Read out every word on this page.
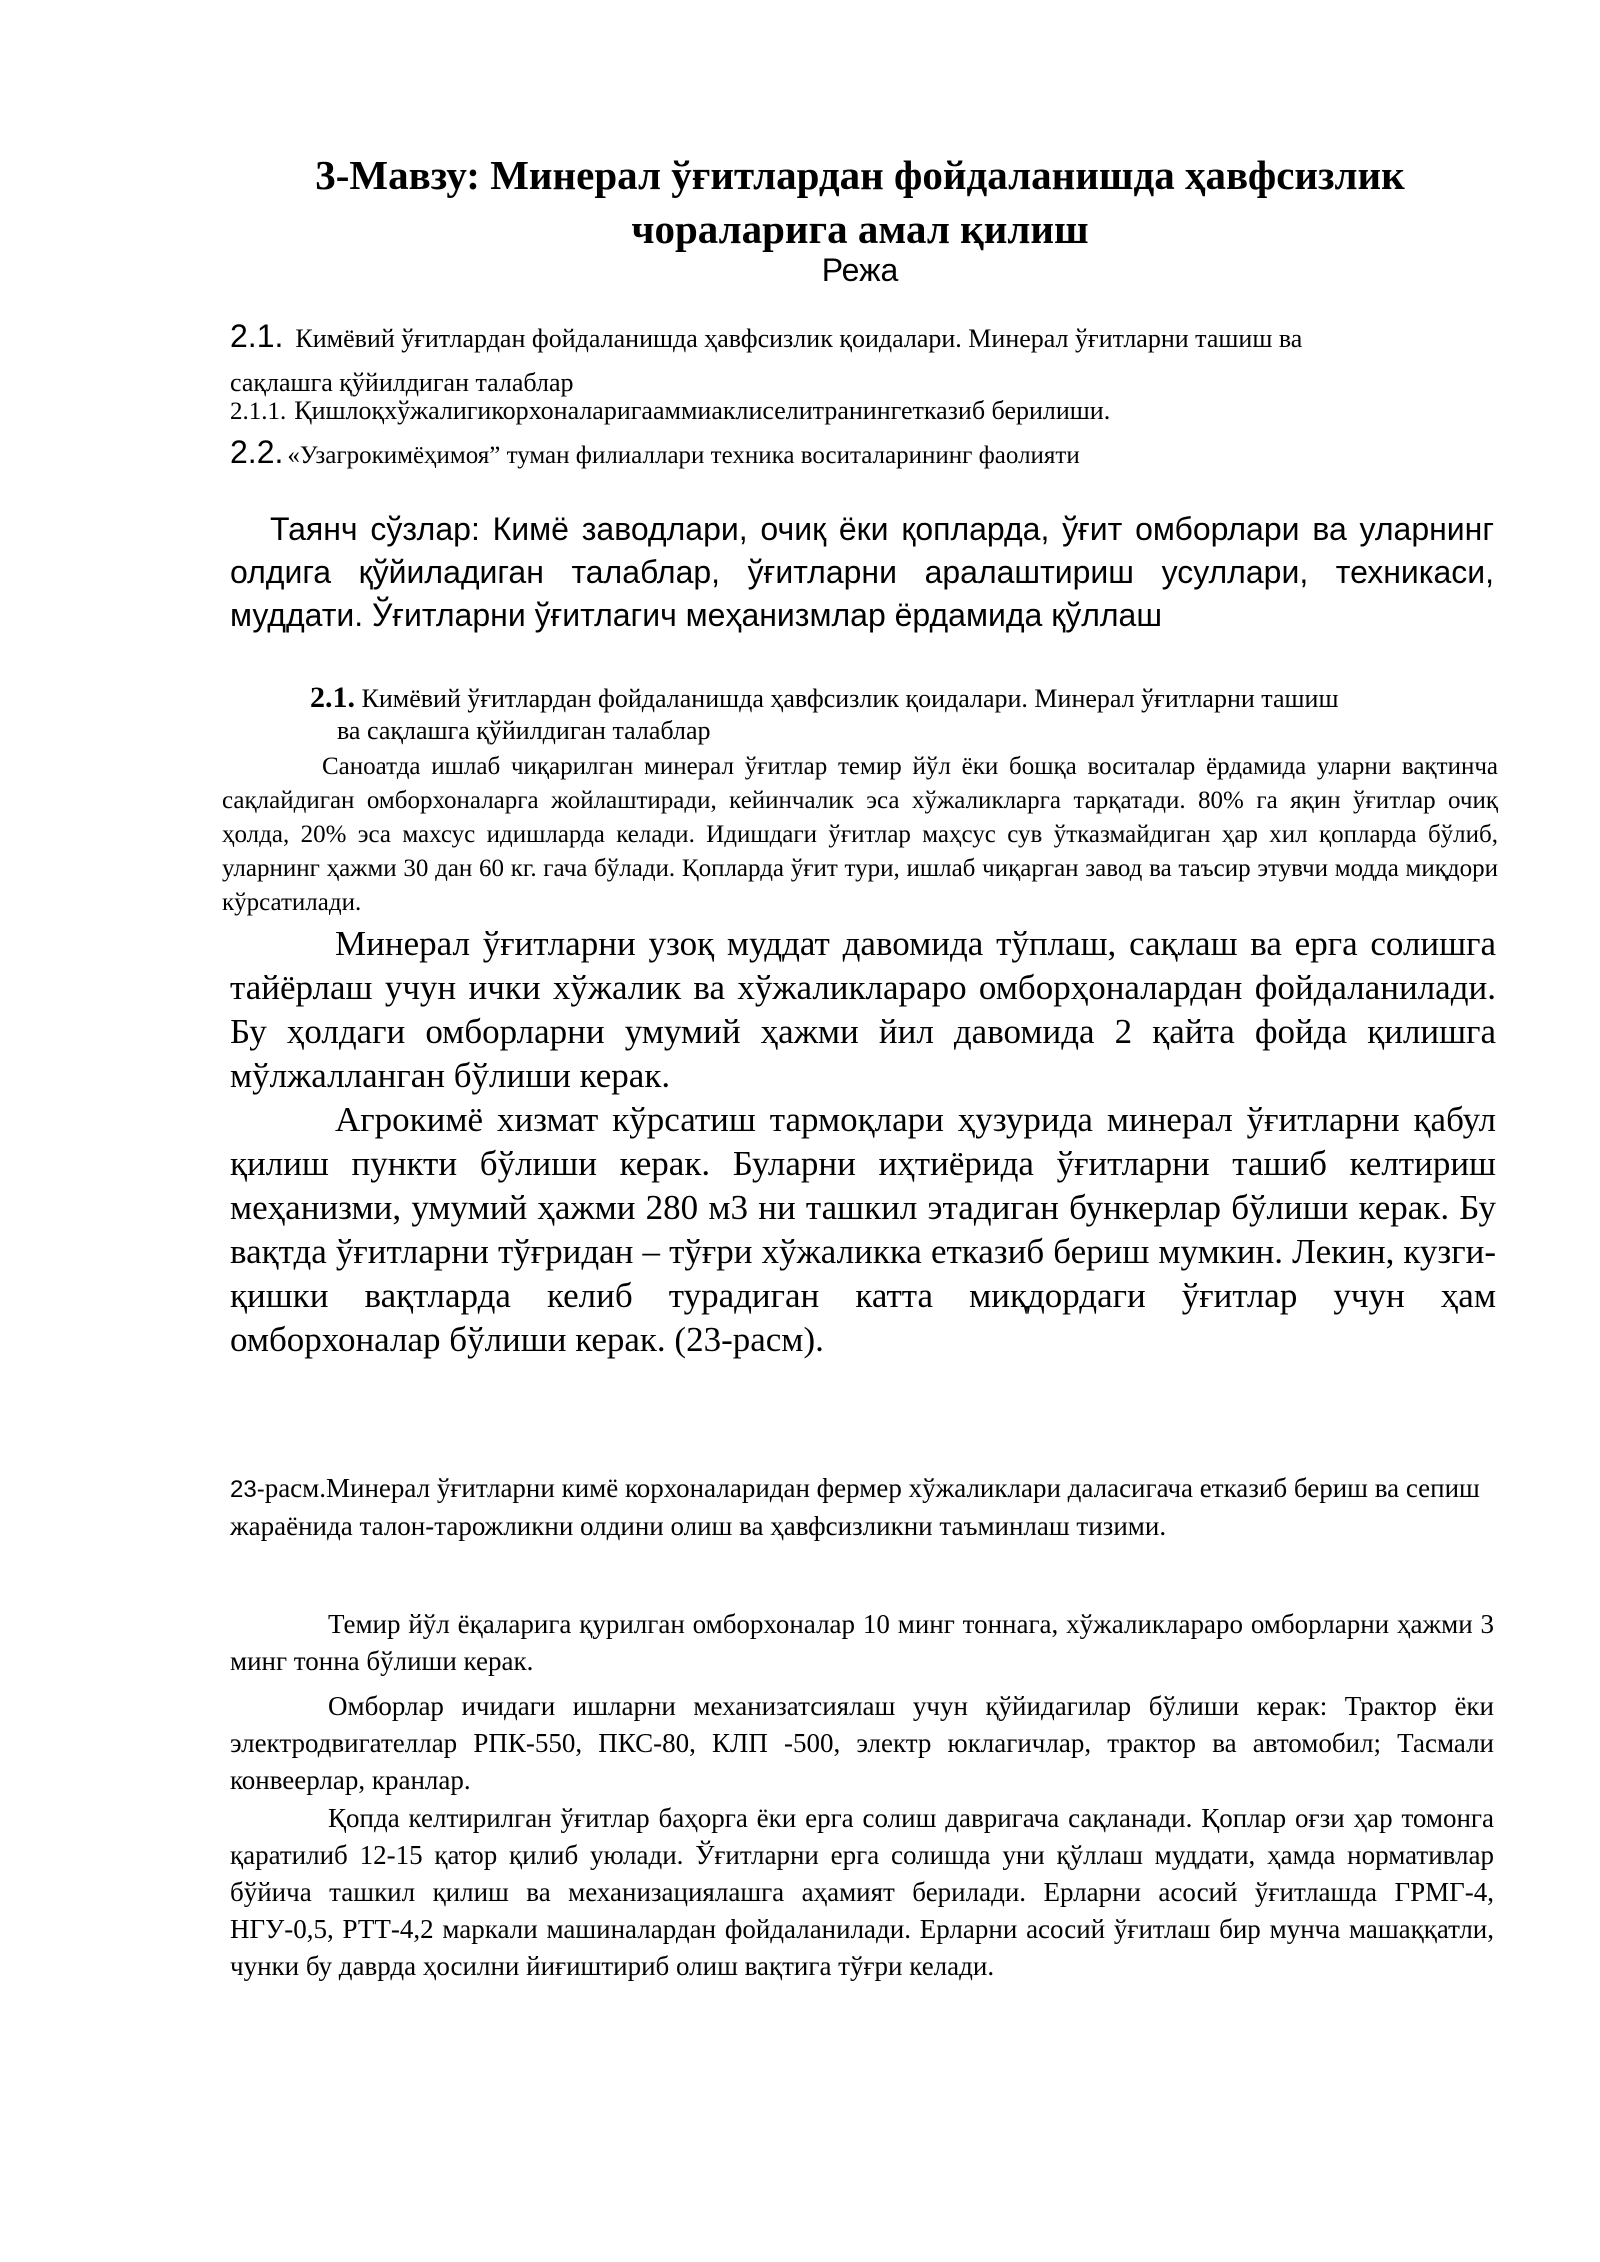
3-Мавзу: Минерал ўғитлардан фойдаланишда ҳавфсизлик
чораларига амал қилиш
Режа
2.1. Кимёвий ўғитлардан фойдаланишда ҳавфсизлик қоидалари. Минерал ўғитларни ташиш ва
сақлашга қўйилдиган талаблар
2.1.1. Қишлоқхўжалигикорхоналаригааммиаклиселитранингетказиб берилиши.
2.2. «Узагрокимёҳимоя” туман филиаллари техника воситаларининг фаолияти

Таянч сўзлар: Кимё заводлари, очиқ ёки қопларда, ўғит омборлари ва уларнинг олдига қўйиладиган талаблар, ўғитларни аралаштириш усуллари, техникаси, муддати. Ўғитларни ўғитлагич меҳанизмлар ёрдамида қўллаш

2.1. Кимёвий ўғитлардан фойдаланишда ҳавфсизлик қоидалари. Минерал ўғитларни ташиш
ва сақлашга қўйилдиган талаблар

Саноатда ишлаб чиқарилган минерал ўғитлар темир йўл ёки бошқа воситалар ёрдамида уларни вақтинча сақлайдиган омборхоналарга жойлаштиради, кейинчалик эса хўжаликларга тарқатади. 80% га яқин ўғитлар очиқ ҳолда, 20% эса махсус идишларда келади. Идишдаги ўғитлар маҳсус сув ўтказмайдиган ҳар хил қопларда бўлиб, уларнинг ҳажми 30 дан 60 кг. гача бўлади. Қопларда ўғит тури, ишлаб чиқарган завод ва таъсир этувчи модда миқдори кўрсатилади.

Минерал ўғитларни узоқ муддат давомида тўплаш, сақлаш ва ерга солишга тайёрлаш учун ички хўжалик ва хўжаликлараро омборҳоналардан фойдаланилади. Бу ҳолдаги омборларни умумий ҳажми йил давомида 2 қайта фойда қилишга мўлжалланган бўлиши керак.

Агрокимё хизмат кўрсатиш тармоқлари ҳузурида минерал ўғитларни қабул қилиш пункти бўлиши керак. Буларни иҳтиёрида ўғитларни ташиб келтириш меҳанизми, умумий ҳажми 280 м3 ни ташкил этадиган бункерлар бўлиши керак. Бу вақтда ўғитларни тўғридан – тўғри хўжаликка етказиб бериш мумкин. Лекин, кузги-қишки вақтларда келиб турадиган катта миқдордаги ўғитлар учун ҳам омборхоналар бўлиши керак. (23-расм).

23-расм.Минерал ўғитларни кимё корхоналаридан фермер хўжаликлари даласигача етказиб бериш ва сепиш жараёнида талон-тарожликни олдини олиш ва ҳавфсизликни таъминлаш тизими.

Темир йўл ёқаларига қурилган омборхоналар 10 минг тоннага, хўжаликлараро омборларни ҳажми 3 минг тонна бўлиши керак.

Омборлар ичидаги ишларни механизатсиялаш учун қўйидагилар бўлиши керак: Трактор ёки электродвигателлар РПК-550, ПКС-80, КЛП -500, электр юклагичлар, трактор ва автомобил; Тасмали конвеерлар, кранлар.

Қопда келтирилган ўғитлар баҳорга ёки ерга солиш давригача сақланади. Қоплар оғзи ҳар томонга қаратилиб 12-15 қатор қилиб уюлади. Ўғитларни ерга солишда уни қўллаш муддати, ҳамда нормативлар бўйича ташкил қилиш ва механизациялашга аҳамият берилади. Ерларни асосий ўғитлашда ГРМГ-4, НГУ-0,5, РТТ-4,2 маркали машиналардан фойдаланилади. Ерларни асосий ўғитлаш бир мунча машаққатли, чунки бу даврда ҳосилни йиғиштириб олиш вақтига тўғри келади.
